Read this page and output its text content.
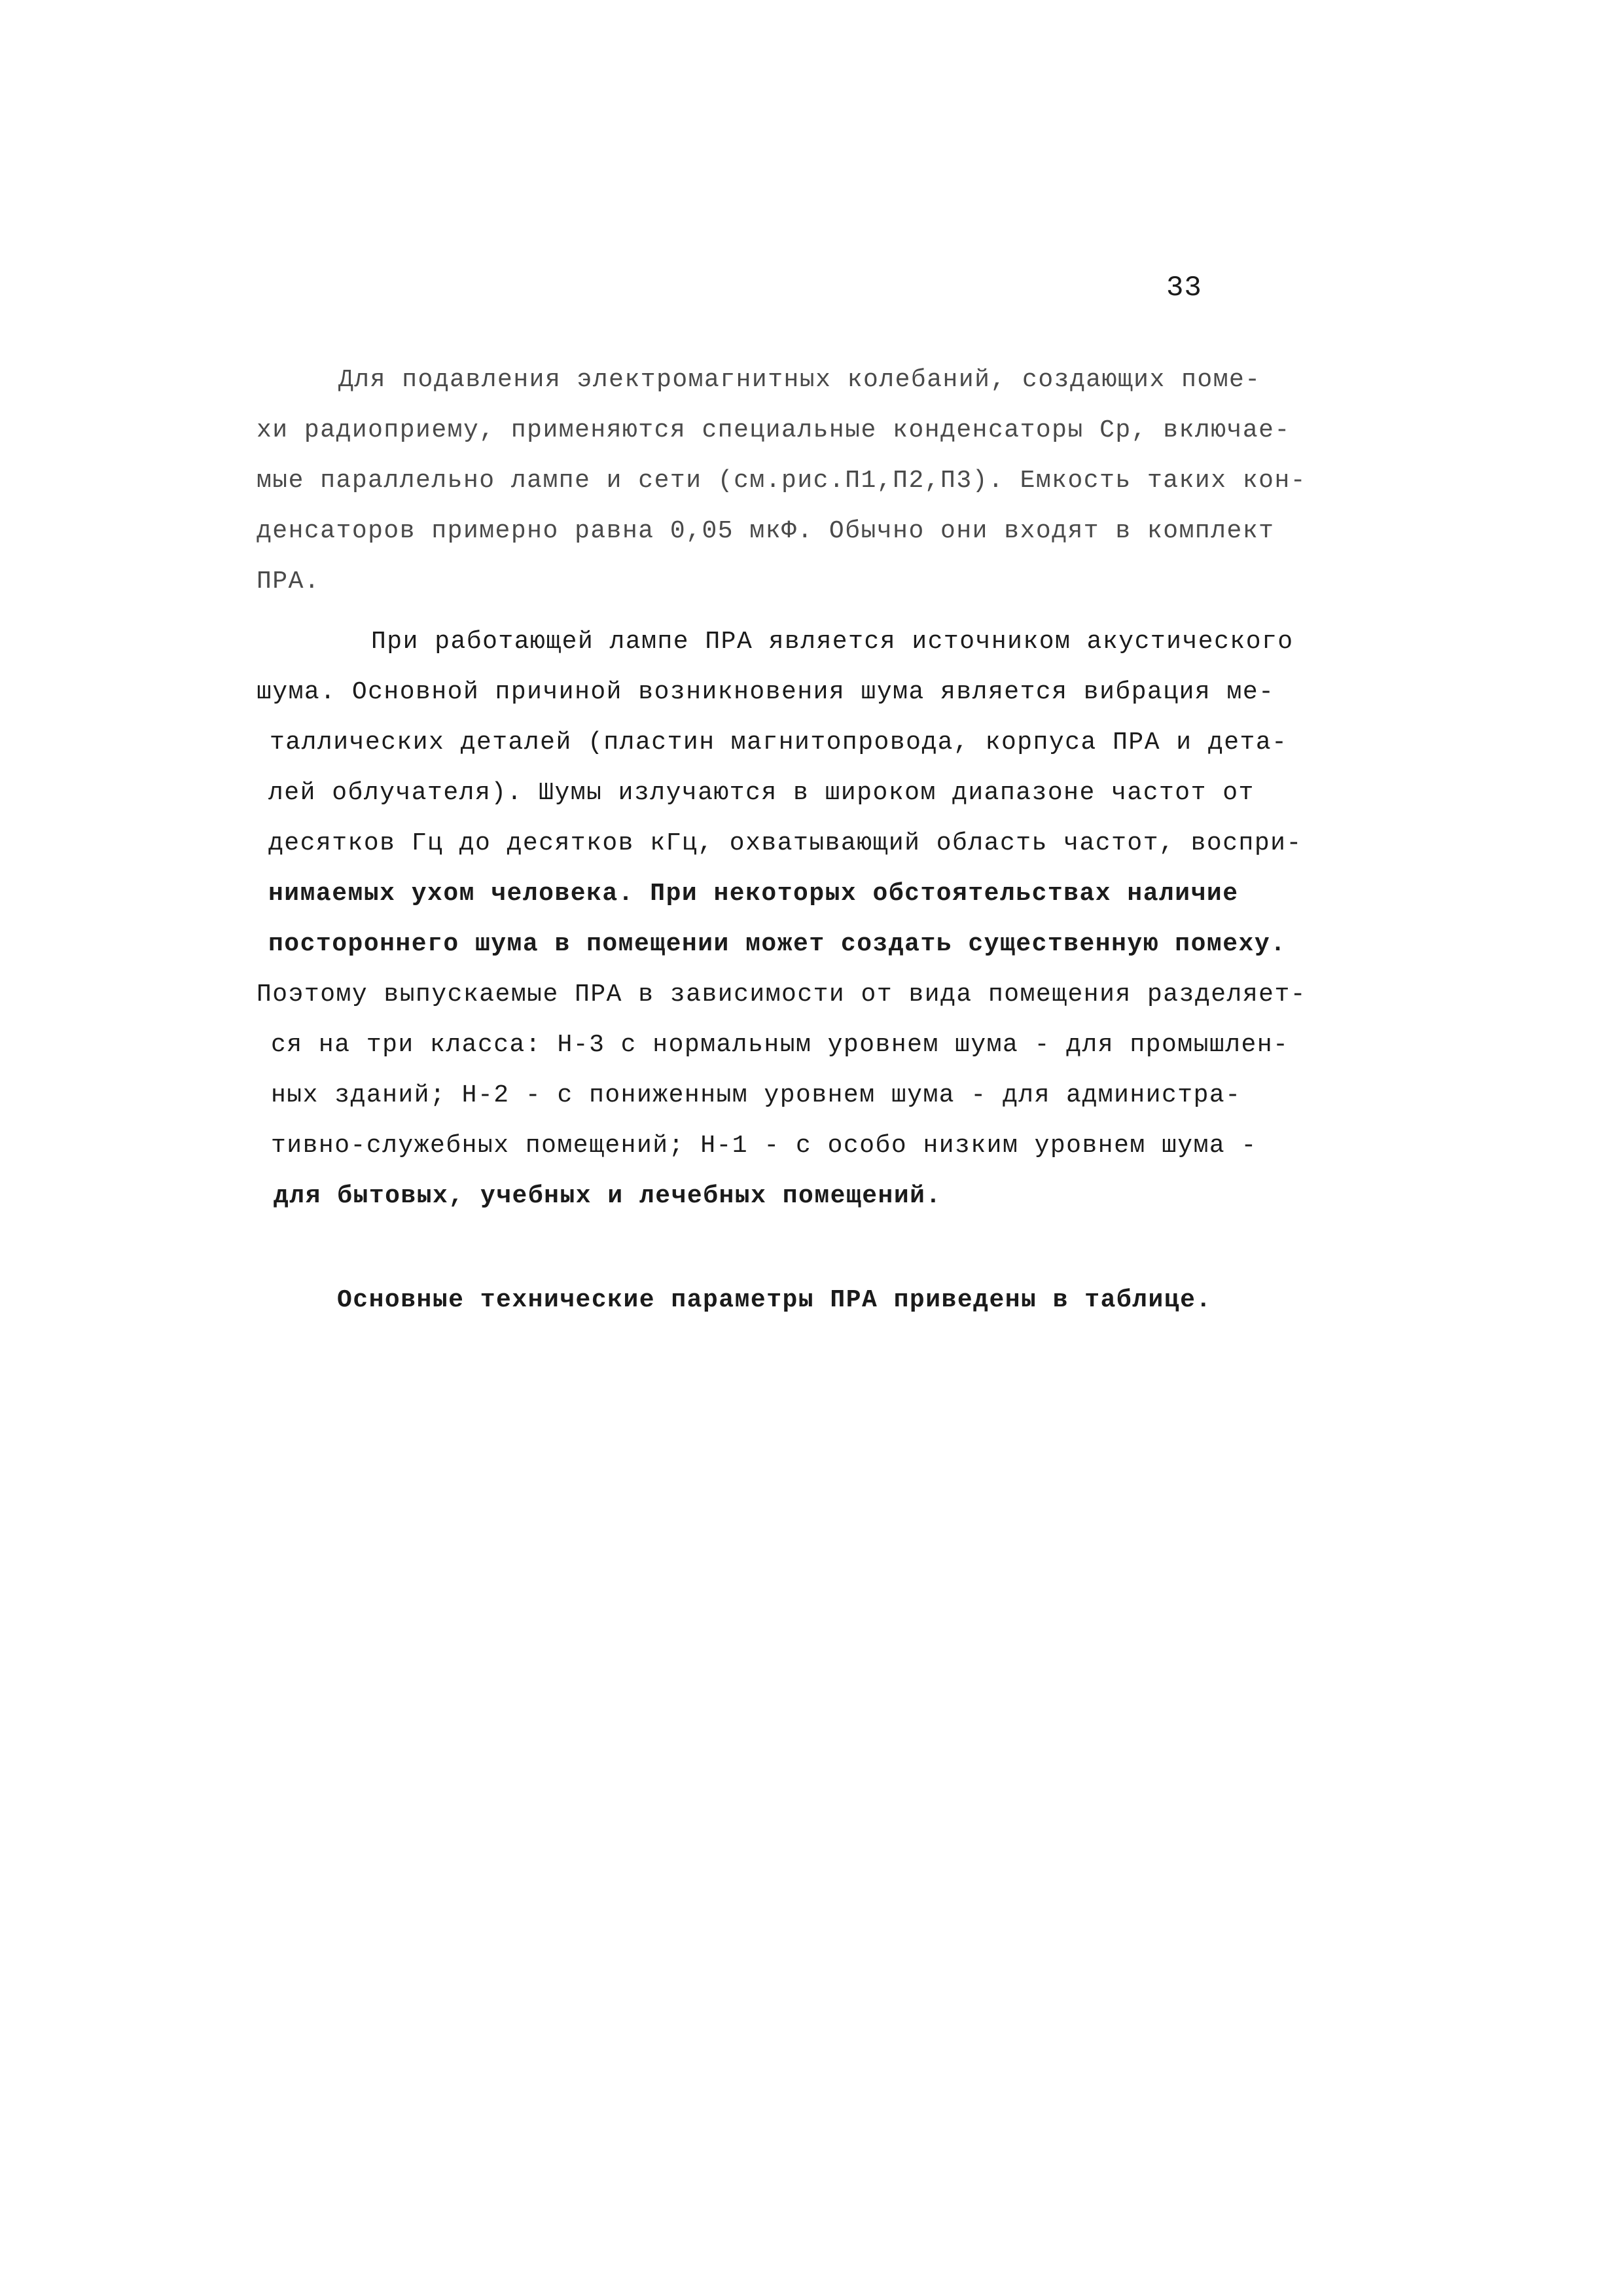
33
Для подавления электромагнитных колебаний, создающих поме-
хи радиоприему, применяются специальные конденсаторы Ср, включае-
мые параллельно лампе и сети (см.рис.П1,П2,П3). Емкость таких кон-
денсаторов примерно равна 0,05 мкФ. Обычно они входят в комплект
ПРА.
При работающей лампе ПРА является источником акустического
шума. Основной причиной возникновения шума является вибрация ме-
таллических деталей (пластин магнитопровода, корпуса ПРА и дета-
лей облучателя). Шумы излучаются в широком диапазоне частот от
десятков Гц до десятков кГц, охватывающий область частот, воспри-
нимаемых ухом человека. При некоторых обстоятельствах наличие
постороннего шума в помещении может создать существенную помеху.
Поэтому выпускаемые ПРА в зависимости от вида помещения разделяет-
ся на три класса: Н-3 с нормальным уровнем шума - для промышлен-
ных зданий; Н-2 - с пониженным уровнем шума - для администра-
тивно-служебных помещений; Н-1 - с особо низким уровнем шума -
для бытовых, учебных и лечебных помещений.
Основные технические параметры ПРА приведены в таблице.
